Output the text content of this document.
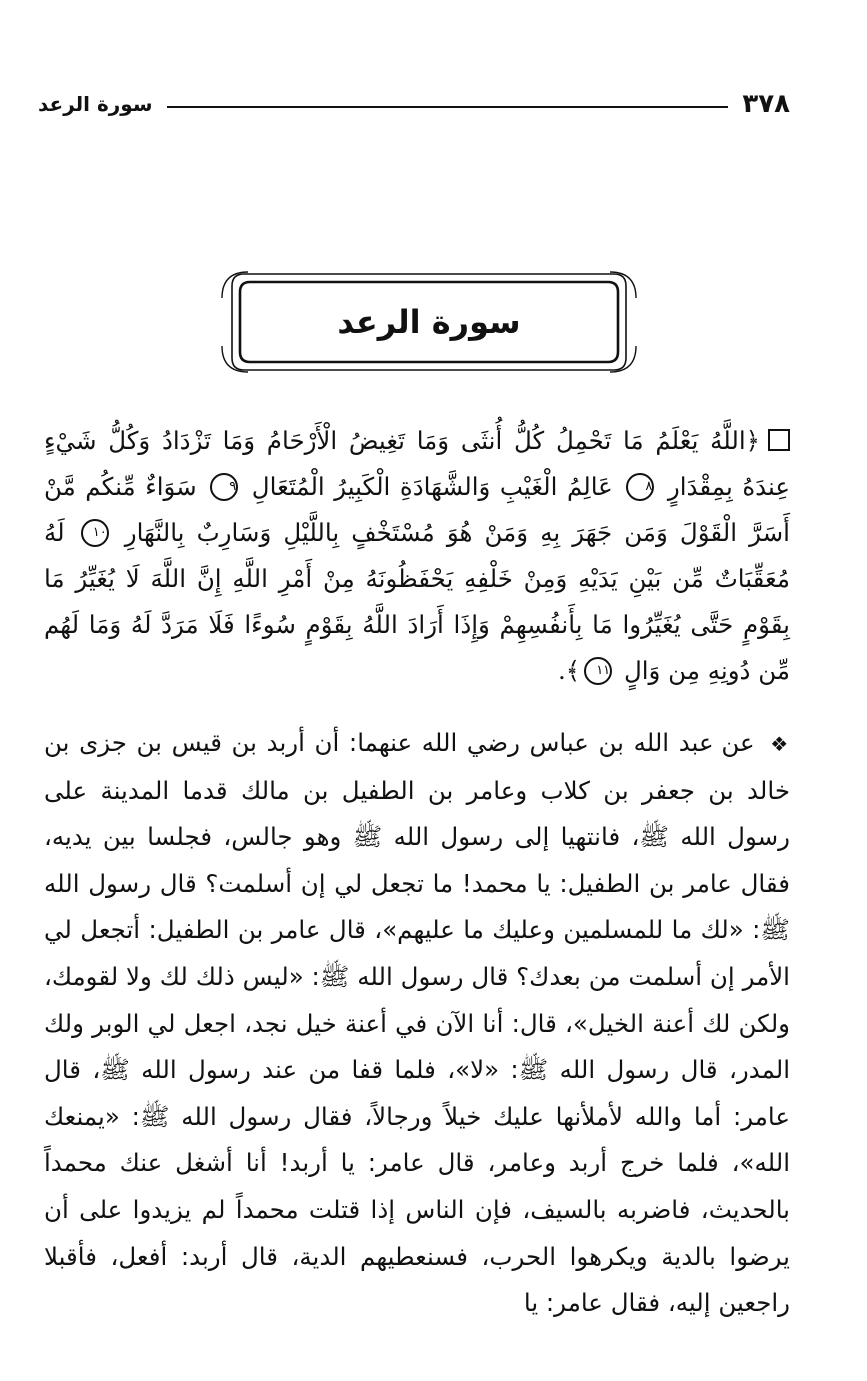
٣٧٨
سورة الرعد
سورة الرعد
﴿اللَّهُ يَعْلَمُ مَا تَحْمِلُ كُلُّ أُنثَى وَمَا تَغِيضُ الْأَرْحَامُ وَمَا تَزْدَادُ وَكُلُّ شَيْءٍ عِندَهُ بِمِقْدَارٍ ٨ عَالِمُ الْغَيْبِ وَالشَّهَادَةِ الْكَبِيرُ الْمُتَعَالِ ٩ سَوَاءٌ مِّنكُم مَّنْ أَسَرَّ الْقَوْلَ وَمَن جَهَرَ بِهِ وَمَنْ هُوَ مُسْتَخْفٍ بِاللَّيْلِ وَسَارِبٌ بِالنَّهَارِ ١٠ لَهُ مُعَقِّبَاتٌ مِّن بَيْنِ يَدَيْهِ وَمِنْ خَلْفِهِ يَحْفَظُونَهُ مِنْ أَمْرِ اللَّهِ إِنَّ اللَّهَ لَا يُغَيِّرُ مَا بِقَوْمٍ حَتَّى يُغَيِّرُوا مَا بِأَنفُسِهِمْ وَإِذَا أَرَادَ اللَّهُ بِقَوْمٍ سُوءًا فَلَا مَرَدَّ لَهُ وَمَا لَهُم مِّن دُونِهِ مِن وَالٍ ١١﴾.
❖ عن عبد الله بن عباس رضي الله عنهما: أن أربد بن قيس بن جزى بن خالد بن جعفر بن كلاب وعامر بن الطفيل بن مالك قدما المدينة على رسول الله ﷺ، فانتهيا إلى رسول الله ﷺ وهو جالس، فجلسا بين يديه، فقال عامر بن الطفيل: يا محمد! ما تجعل لي إن أسلمت؟ قال رسول الله ﷺ: «لك ما للمسلمين وعليك ما عليهم»، قال عامر بن الطفيل: أتجعل لي الأمر إن أسلمت من بعدك؟ قال رسول الله ﷺ: «ليس ذلك لك ولا لقومك، ولكن لك أعنة الخيل»، قال: أنا الآن في أعنة خيل نجد، اجعل لي الوبر ولك المدر، قال رسول الله ﷺ: «لا»، فلما قفا من عند رسول الله ﷺ، قال عامر: أما والله لأملأنها عليك خيلاً ورجالاً، فقال رسول الله ﷺ: «يمنعك الله»، فلما خرج أربد وعامر، قال عامر: يا أربد! أنا أشغل عنك محمداً بالحديث، فاضربه بالسيف، فإن الناس إذا قتلت محمداً لم يزيدوا على أن يرضوا بالدية ويكرهوا الحرب، فسنعطيهم الدية، قال أربد: أفعل، فأقبلا راجعين إليه، فقال عامر: يا
